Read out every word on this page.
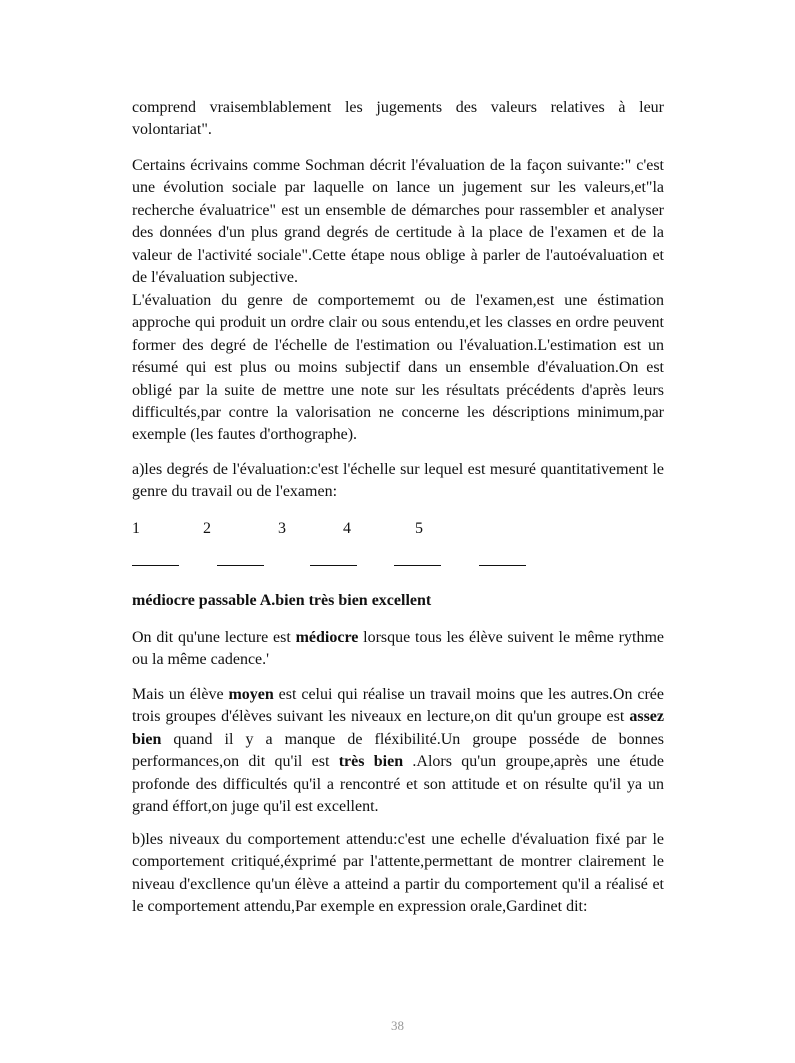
comprend vraisemblablement les jugements des valeurs relatives à leur volontariat".

Certains écrivains comme Sochman décrit l'évaluation de la façon suivante:" c'est une évolution sociale par laquelle on lance un jugement sur les valeurs,et"la recherche évaluatrice" est un ensemble de démarches pour rassembler et analyser des données d'un plus grand degrés de certitude à la place de l'examen et de la valeur de l'activité sociale".Cette étape nous oblige à parler de l'autoévaluation et de l'évaluation subjective.

L'évaluation du genre de comportememt ou de l'examen,est une éstimation approche qui produit un ordre clair ou sous entendu,et les classes en ordre peuvent former des degré de l'échelle de l'estimation ou l'évaluation.L'estimation est un résumé qui est plus ou moins subjectif dans un ensemble d'évaluation.On est obligé par la suite de mettre une note sur les résultats précédents d'après leurs difficultés,par contre la valorisation ne concerne les déscriptions minimum,par exemple (les fautes d'orthographe).

a)les degrés de l'évaluation:c'est l'échelle sur lequel est mesuré quantitativement le genre du travail ou de l'examen:

1	2	3	4	5
médiocre passable A.bien très bien excellent

On dit qu'une lecture est médiocre lorsque tous les élève suivent le même rythme ou la même cadence.'

Mais un élève moyen est celui qui réalise un travail moins que les autres.On crée trois groupes d'élèves suivant les niveaux en lecture,on dit qu'un groupe est assez bien quand il y a manque de fléxibilité.Un groupe posséde de bonnes performances,on dit qu'il est très bien .Alors qu'un groupe,après une étude profonde des difficultés qu'il a rencontré et son attitude et on résulte qu'il ya un grand éffort,on juge qu'il est excellent.

b)les niveaux du comportement attendu:c'est une echelle d'évaluation fixé par le comportement critiqué,éxprimé par l'attente,permettant de montrer clairement le niveau d'excllence qu'un élève a atteind a partir du comportement qu'il a réalisé et le comportement attendu,Par exemple en expression orale,Gardinet dit:

38
